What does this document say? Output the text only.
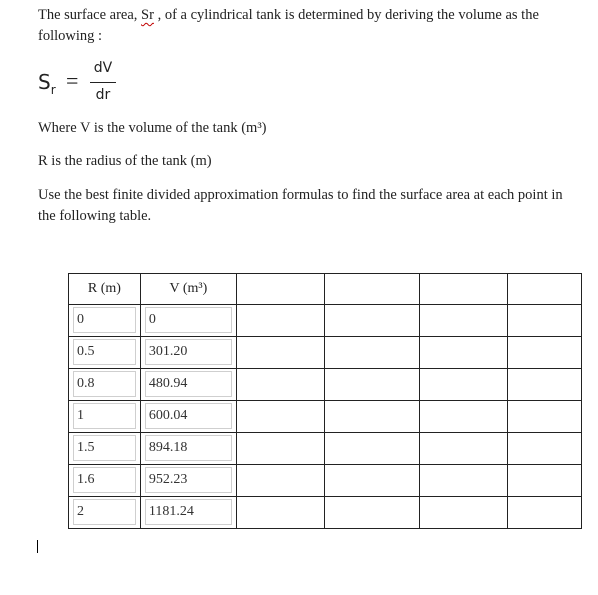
The surface area, Sr , of a cylindrical tank is determined by deriving the volume as the following :
$S_r$ = dV
dr
Where V is the volume of the tank (m³)
R is the radius of the tank (m)
Use the best finite divided approximation formulas to find the surface area at each point in the following table.
R (m)	V (m³)				

0	0				

0.5	301.20				

0.8	480.94				

1	600.04				

1.5	894.18				

1.6	952.23				

2	1181.24				
